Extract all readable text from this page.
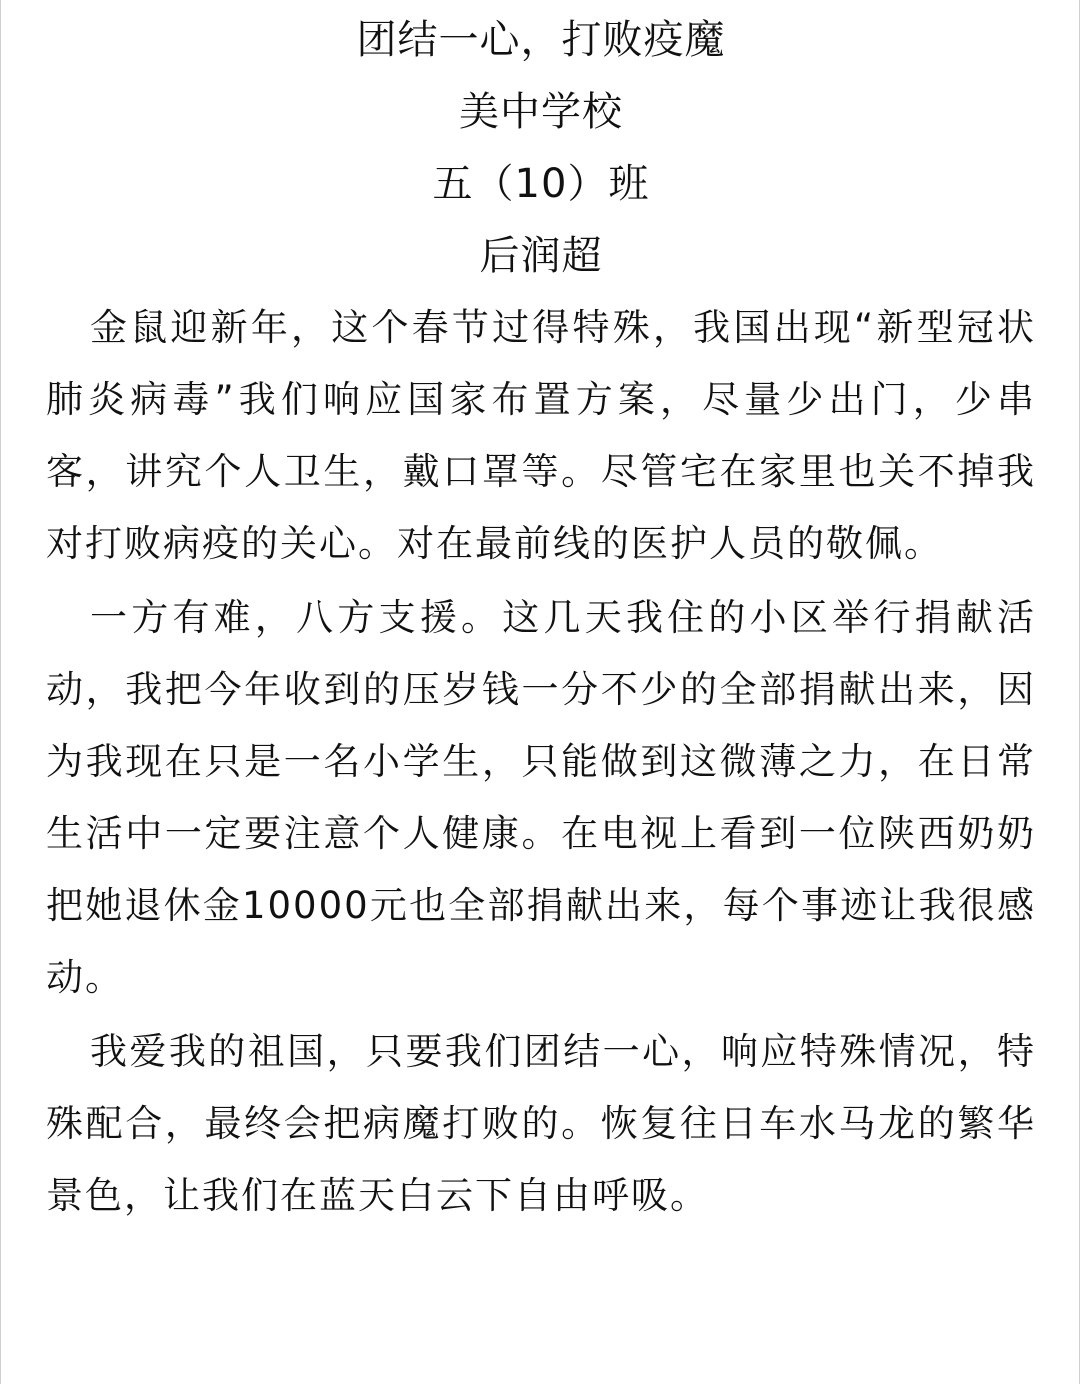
团结一心，打败疫魔
美中学校
五（10）班
后润超

金鼠迎新年，这个春节过得特殊，我国出现“新型冠状肺炎病毒”我们响应国家布置方案，尽量少出门，少串客，讲究个人卫生，戴口罩等。尽管宅在家里也关不掉我对打败病疫的关心。对在最前线的医护人员的敬佩。

一方有难，八方支援。这几天我住的小区举行捐献活动，我把今年收到的压岁钱一分不少的全部捐献出来，因为我现在只是一名小学生，只能做到这微薄之力，在日常生活中一定要注意个人健康。在电视上看到一位陕西奶奶把她退休金10000元也全部捐献出来，每个事迹让我很感动。

我爱我的祖国，只要我们团结一心，响应特殊情况，特殊配合，最终会把病魔打败的。恢复往日车水马龙的繁华景色，让我们在蓝天白云下自由呼吸。
